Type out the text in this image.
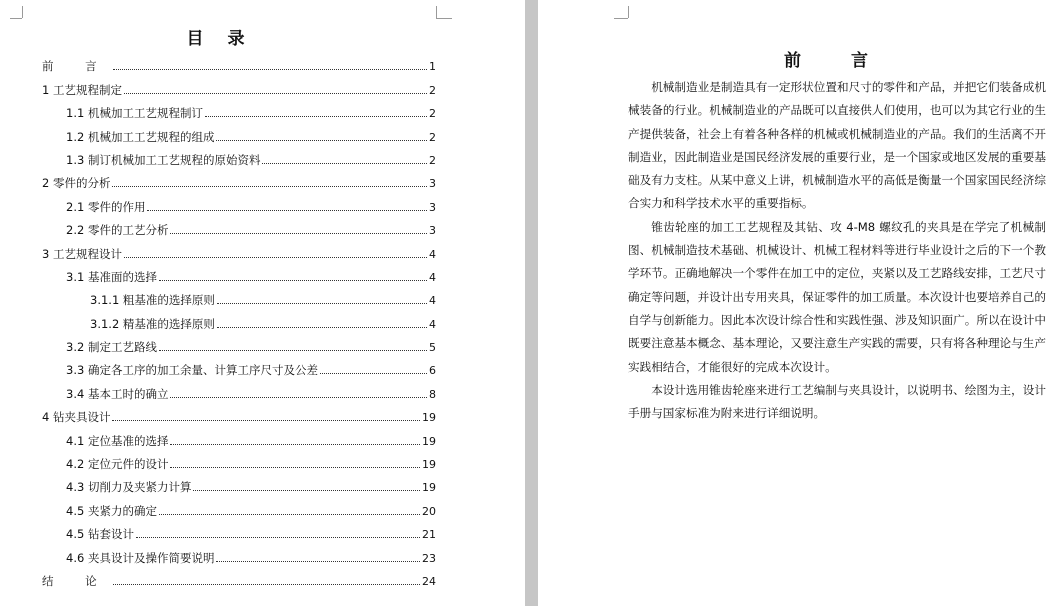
目 录
前 言	1
1 工艺规程制定	2
1.1 机械加工工艺规程制订	2
1.2 机械加工工艺规程的组成	2
1.3 制订机械加工工艺规程的原始资料	2
2 零件的分析	3
2.1 零件的作用	3
2.2 零件的工艺分析	3
3 工艺规程设计	4
3.1 基准面的选择	4
3.1.1 粗基准的选择原则	4
3.1.2 精基准的选择原则	4
3.2 制定工艺路线	5
3.3 确定各工序的加工余量、计算工序尺寸及公差	6
3.4 基本工时的确立	8
4 钻夹具设计	19
4.1 定位基准的选择	19
4.2 定位元件的设计	19
4.3 切削力及夹紧力计算	19
4.5 夹紧力的确定	20
4.5 钻套设计	21
4.6 夹具设计及操作简要说明	23
结 论	24
前 言

机械制造业是制造具有一定形状位置和尺寸的零件和产品，并把它们装备成机械装备的行业。机械制造业的产品既可以直接供人们使用，也可以为其它行业的生产提供装备，社会上有着各种各样的机械或机械制造业的产品。我们的生活离不开制造业，因此制造业是国民经济发展的重要行业，是一个国家或地区发展的重要基础及有力支柱。从某中意义上讲，机械制造水平的高低是衡量一个国家国民经济综合实力和科学技术水平的重要指标。

锥齿轮座的加工工艺规程及其钻、攻 4-M8 螺纹孔的夹具是在学完了机械制图、机械制造技术基础、机械设计、机械工程材料等进行毕业设计之后的下一个教学环节。正确地解决一个零件在加工中的定位，夹紧以及工艺路线安排，工艺尺寸确定等问题，并设计出专用夹具，保证零件的加工质量。本次设计也要培养自己的自学与创新能力。因此本次设计综合性和实践性强、涉及知识面广。所以在设计中既要注意基本概念、基本理论，又要注意生产实践的需要，只有将各种理论与生产实践相结合，才能很好的完成本次设计。

本设计选用锥齿轮座来进行工艺编制与夹具设计，以说明书、绘图为主，设计手册与国家标准为附来进行详细说明。
